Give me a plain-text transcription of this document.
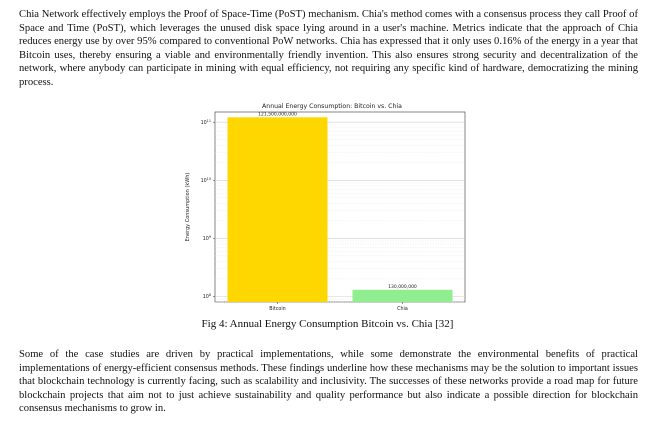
Chia Network effectively employs the Proof of Space-Time (PoST) mechanism. Chia's method comes with a consensus process they call Proof of Space and Time (PoST), which leverages the unused disk space lying around in a user's machine. Metrics indicate that the approach of Chia reduces energy use by over 95% compared to conventional PoW networks. Chia has expressed that it only uses 0.16% of the energy in a year that Bitcoin uses, thereby ensuring a viable and environmentally friendly invention. This also ensures strong security and decentralization of the network, where anybody can participate in mining with equal efficiency, not requiring any specific kind of hardware, democratizing the mining process.

Annual Energy Consumption: Bitcoin vs. Chia
121,500,000,000
130,000,000
$10^8$
$10^9$
$10^{10}$
$10^{11}$
Bitcoin	Chia
Energy Consumption (kWh)
Fig 4: Annual Energy Consumption Bitcoin vs. Chia [32]

Some of the case studies are driven by practical implementations, while some demonstrate the environmental benefits of practical implementations of energy-efficient consensus methods. These findings underline how these mechanisms may be the solution to important issues that blockchain technology is currently facing, such as scalability and inclusivity. The successes of these networks provide a road map for future blockchain projects that aim not to just achieve sustainability and quality performance but also indicate a possible direction for blockchain consensus mechanisms to grow in.
